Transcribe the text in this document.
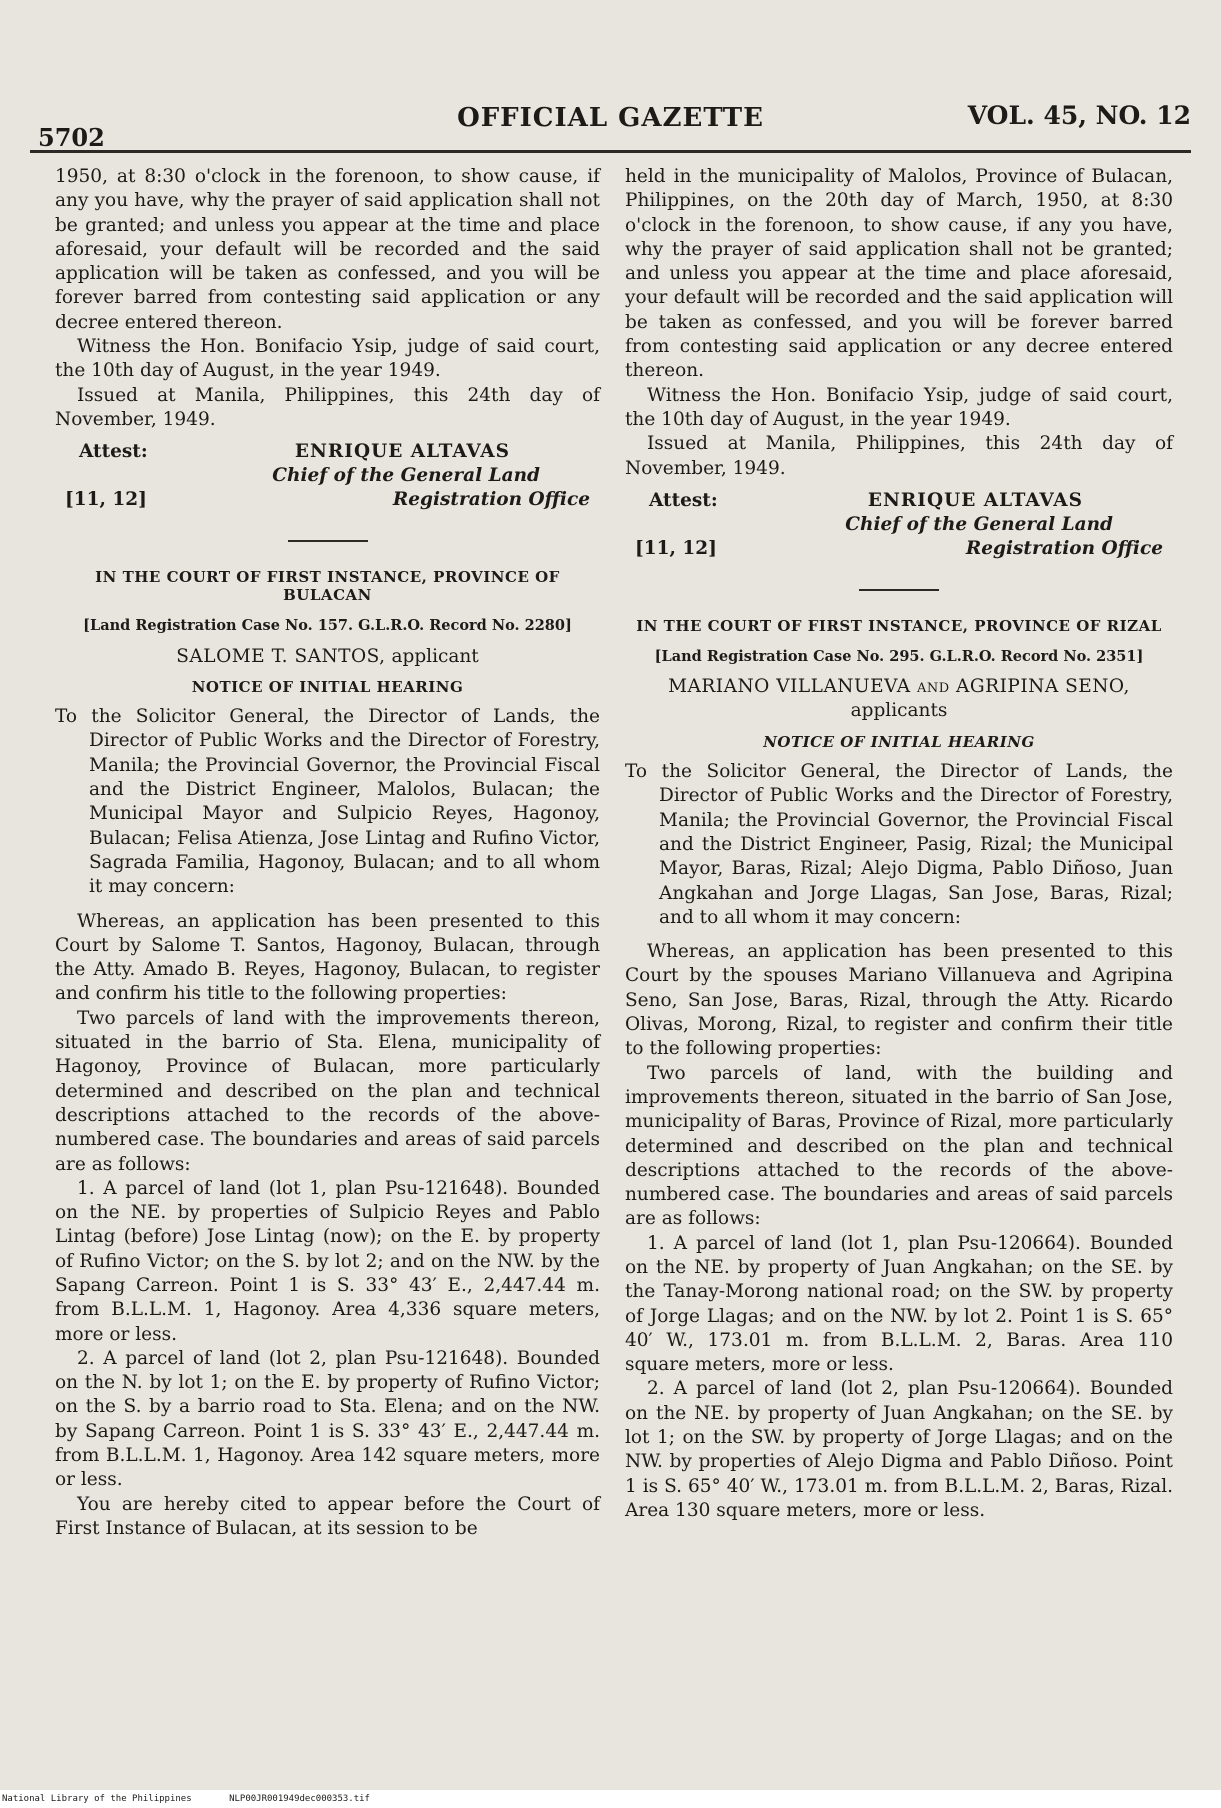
5702
OFFICIAL GAZETTE	VOL. 45, NO. 12

1950, at 8:30 o'clock in the forenoon, to show cause, if any you have, why the prayer of said application shall not be granted; and unless you appear at the time and place aforesaid, your default will be recorded and the said application will be taken as confessed, and you will be forever barred from contesting said application or any decree entered thereon.

Witness the Hon. Bonifacio Ysip, judge of said court, the 10th day of August, in the year 1949.

Issued at Manila, Philippines, this 24th day of November, 1949.

Attest:	ENRIQUE ALTAVAS
Chief of the General Land
Registration Office
[11, 12]
IN THE COURT OF FIRST INSTANCE, PROVINCE OF BULACAN
[Land Registration Case No. 157. G.L.R.O. Record No. 2280]
SALOME T. SANTOS, applicant
NOTICE OF INITIAL HEARING

To the Solicitor General, the Director of Lands, the Director of Public Works and the Director of Forestry, Manila; the Provincial Governor, the Provincial Fiscal and the District Engineer, Malolos, Bulacan; the Municipal Mayor and Sulpicio Reyes, Hagonoy, Bulacan; Felisa Atienza, Jose Lintag and Rufino Victor, Sagrada Familia, Hagonoy, Bulacan; and to all whom it may concern:

Whereas, an application has been presented to this Court by Salome T. Santos, Hagonoy, Bulacan, through the Atty. Amado B. Reyes, Hagonoy, Bulacan, to register and confirm his title to the following properties:

Two parcels of land with the improvements thereon, situated in the barrio of Sta. Elena, municipality of Hagonoy, Province of Bulacan, more particularly determined and described on the plan and technical descriptions attached to the records of the above-numbered case. The boundaries and areas of said parcels are as follows:

1. A parcel of land (lot 1, plan Psu-121648). Bounded on the NE. by properties of Sulpicio Reyes and Pablo Lintag (before) Jose Lintag (now); on the E. by property of Rufino Victor; on the S. by lot 2; and on the NW. by the Sapang Carreon. Point 1 is S. 33° 43′ E., 2,447.44 m. from B.L.L.M. 1, Hagonoy. Area 4,336 square meters, more or less.

2. A parcel of land (lot 2, plan Psu-121648). Bounded on the N. by lot 1; on the E. by property of Rufino Victor; on the S. by a barrio road to Sta. Elena; and on the NW. by Sapang Carreon. Point 1 is S. 33° 43′ E., 2,447.44 m. from B.L.L.M. 1, Hagonoy. Area 142 square meters, more or less.

You are hereby cited to appear before the Court of First Instance of Bulacan, at its session to be

held in the municipality of Malolos, Province of Bulacan, Philippines, on the 20th day of March, 1950, at 8:30 o'clock in the forenoon, to show cause, if any you have, why the prayer of said application shall not be granted; and unless you appear at the time and place aforesaid, your default will be recorded and the said application will be taken as confessed, and you will be forever barred from contesting said application or any decree entered thereon.

Witness the Hon. Bonifacio Ysip, judge of said court, the 10th day of August, in the year 1949.

Issued at Manila, Philippines, this 24th day of November, 1949.

Attest:	ENRIQUE ALTAVAS
Chief of the General Land
Registration Office
[11, 12]
IN THE COURT OF FIRST INSTANCE, PROVINCE OF RIZAL
[Land Registration Case No. 295. G.L.R.O. Record No. 2351]
MARIANO VILLANUEVA and AGRIPINA SENO,
applicants
NOTICE OF INITIAL HEARING

To the Solicitor General, the Director of Lands, the Director of Public Works and the Director of Forestry, Manila; the Provincial Governor, the Provincial Fiscal and the District Engineer, Pasig, Rizal; the Municipal Mayor, Baras, Rizal; Alejo Digma, Pablo Diñoso, Juan Angkahan and Jorge Llagas, San Jose, Baras, Rizal; and to all whom it may concern:

Whereas, an application has been presented to this Court by the spouses Mariano Villanueva and Agripina Seno, San Jose, Baras, Rizal, through the Atty. Ricardo Olivas, Morong, Rizal, to register and confirm their title to the following properties:

Two parcels of land, with the building and improvements thereon, situated in the barrio of San Jose, municipality of Baras, Province of Rizal, more particularly determined and described on the plan and technical descriptions attached to the records of the above-numbered case. The boundaries and areas of said parcels are as follows:

1. A parcel of land (lot 1, plan Psu-120664). Bounded on the NE. by property of Juan Angkahan; on the SE. by the Tanay-Morong national road; on the SW. by property of Jorge Llagas; and on the NW. by lot 2. Point 1 is S. 65° 40′ W., 173.01 m. from B.L.L.M. 2, Baras. Area 110 square meters, more or less.

2. A parcel of land (lot 2, plan Psu-120664). Bounded on the NE. by property of Juan Angkahan; on the SE. by lot 1; on the SW. by property of Jorge Llagas; and on the NW. by properties of Alejo Digma and Pablo Diñoso. Point 1 is S. 65° 40′ W., 173.01 m. from B.L.L.M. 2, Baras, Rizal. Area 130 square meters, more or less.

National Library of the Philippines	NLP00JR001949dec000353.tif
